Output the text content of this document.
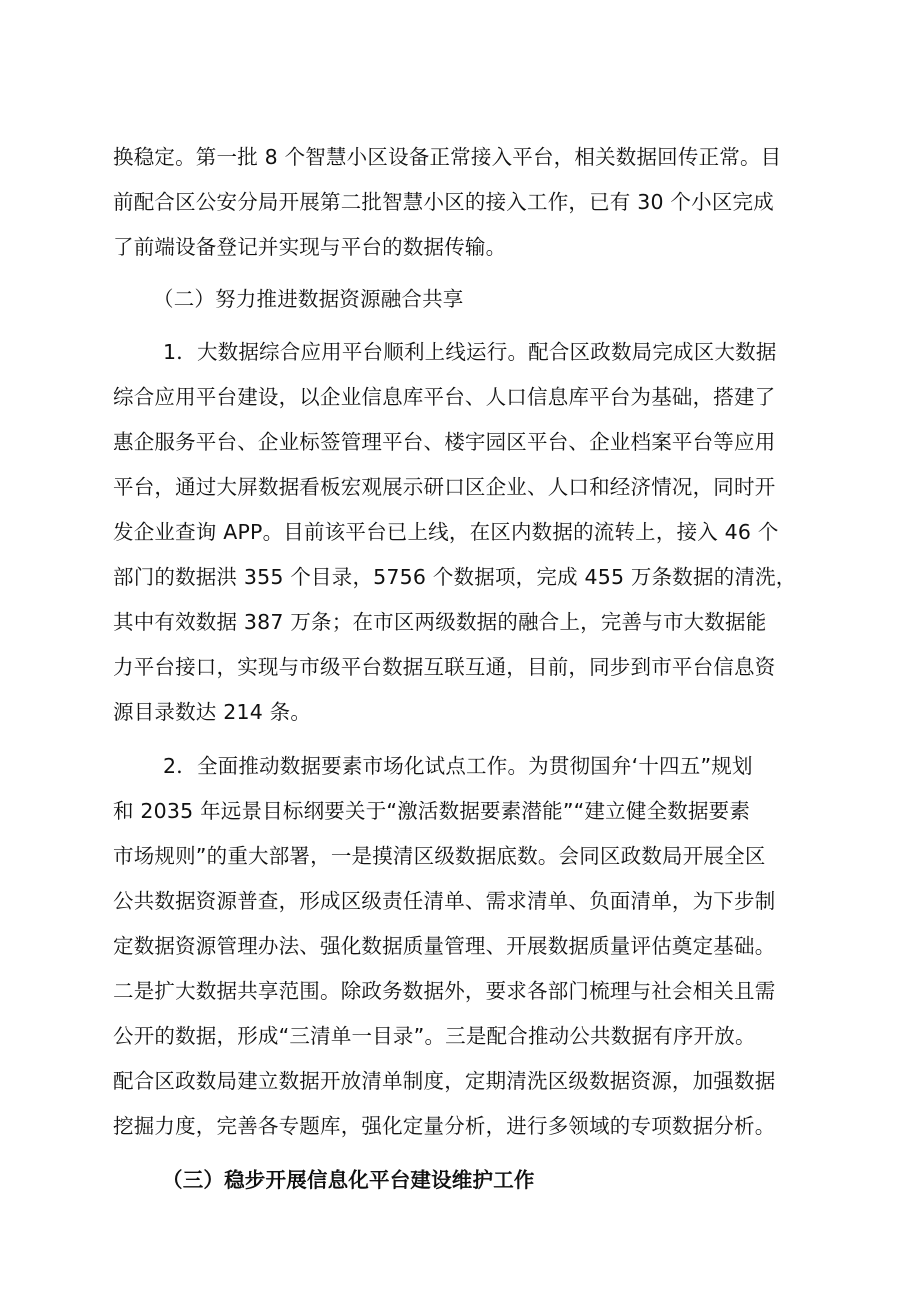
换稳定。第一批 8 个智慧小区设备正常接入平台，相关数据回传正常。目
前配合区公安分局开展第二批智慧小区的接入工作，已有 30 个小区完成
了前端设备登记并实现与平台的数据传输。
（二）努力推进数据资源融合共享
1．大数据综合应用平台顺利上线运行。配合区政数局完成区大数据
综合应用平台建设，以企业信息库平台、人口信息库平台为基础，搭建了
惠企服务平台、企业标签管理平台、楼宇园区平台、企业档案平台等应用
平台，通过大屏数据看板宏观展示研口区企业、人口和经济情况，同时开
发企业查询 APP。目前该平台已上线，在区内数据的流转上，接入 46 个
部门的数据洪 355 个目录，5756 个数据项，完成 455 万条数据的清洗，
其中有效数据 387 万条；在市区两级数据的融合上，完善与市大数据能
力平台接口，实现与市级平台数据互联互通，目前，同步到市平台信息资
源目录数达 214 条。
2．全面推动数据要素市场化试点工作。为贯彻国弁‘十四五”规划
和 2035 年远景目标纲要关于“激活数据要素潜能”“建立健全数据要素
市场规则”的重大部署，一是摸清区级数据底数。会同区政数局开展全区
公共数据资源普查，形成区级责任清单、需求清单、负面清单，为下步制
定数据资源管理办法、强化数据质量管理、开展数据质量评估奠定基础。
二是扩大数据共享范围。除政务数据外，要求各部门梳理与社会相关且需
公开的数据，形成“三清单一目录”。三是配合推动公共数据有序开放。
配合区政数局建立数据开放清单制度，定期清洗区级数据资源，加强数据
挖掘力度，完善各专题库，强化定量分析，进行多领域的专项数据分析。
（三）稳步开展信息化平台建设维护工作
